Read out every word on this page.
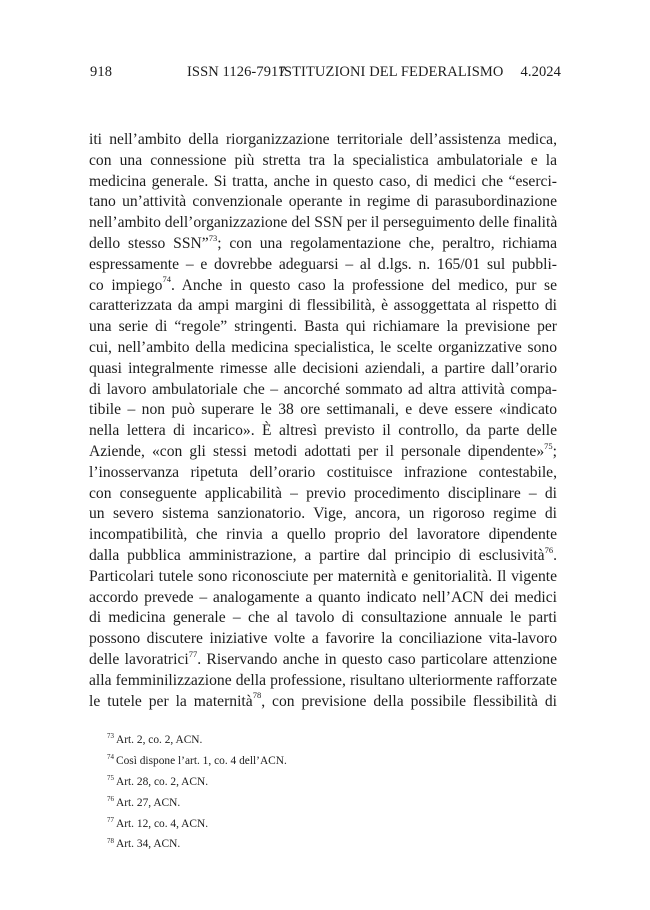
918	ISSN 1126-7917
ISTITUZIONI DEL FEDERALISMO 4.2024
iti nell’ambito della riorganizzazione territoriale dell’assistenza medica,
con una connessione più stretta tra la specialistica ambulatoriale e la
medicina generale. Si tratta, anche in questo caso, di medici che “eserci-
tano un’attività convenzionale operante in regime di parasubordinazione
nell’ambito dell’organizzazione del SSN per il perseguimento delle finalità
dello stesso SSN”$^{73}$; con una regolamentazione che, peraltro, richiama
espressamente – e dovrebbe adeguarsi – al d.lgs. n. 165/01 sul pubbli-
co impiego$^{74}$. Anche in questo caso la professione del medico, pur se
caratterizzata da ampi margini di flessibilità, è assoggettata al rispetto di
una serie di “regole” stringenti. Basta qui richiamare la previsione per
cui, nell’ambito della medicina specialistica, le scelte organizzative sono
quasi integralmente rimesse alle decisioni aziendali, a partire dall’orario
di lavoro ambulatoriale che – ancorché sommato ad altra attività compa-
tibile – non può superare le 38 ore settimanali, e deve essere «indicato
nella lettera di incarico». È altresì previsto il controllo, da parte delle
Aziende, «con gli stessi metodi adottati per il personale dipendente»$^{75}$;
l’inosservanza ripetuta dell’orario costituisce infrazione contestabile,
con conseguente applicabilità – previo procedimento disciplinare – di
un severo sistema sanzionatorio. Vige, ancora, un rigoroso regime di
incompatibilità, che rinvia a quello proprio del lavoratore dipendente
dalla pubblica amministrazione, a partire dal principio di esclusività$^{76}$.
Particolari tutele sono riconosciute per maternità e genitorialità. Il vigente
accordo prevede – analogamente a quanto indicato nell’ACN dei medici
di medicina generale – che al tavolo di consultazione annuale le parti
possono discutere iniziative volte a favorire la conciliazione vita-lavoro
delle lavoratrici$^{77}$. Riservando anche in questo caso particolare attenzione
alla femminilizzazione della professione, risultano ulteriormente rafforzate
le tutele per la maternità$^{78}$, con previsione della possibile flessibilità di
$^{73}$ Art. 2, co. 2, ACN.
$^{74}$ Così dispone l’art. 1, co. 4 dell’ACN.
$^{75}$ Art. 28, co. 2, ACN.
$^{76}$ Art. 27, ACN.
$^{77}$ Art. 12, co. 4, ACN.
$^{78}$ Art. 34, ACN.
